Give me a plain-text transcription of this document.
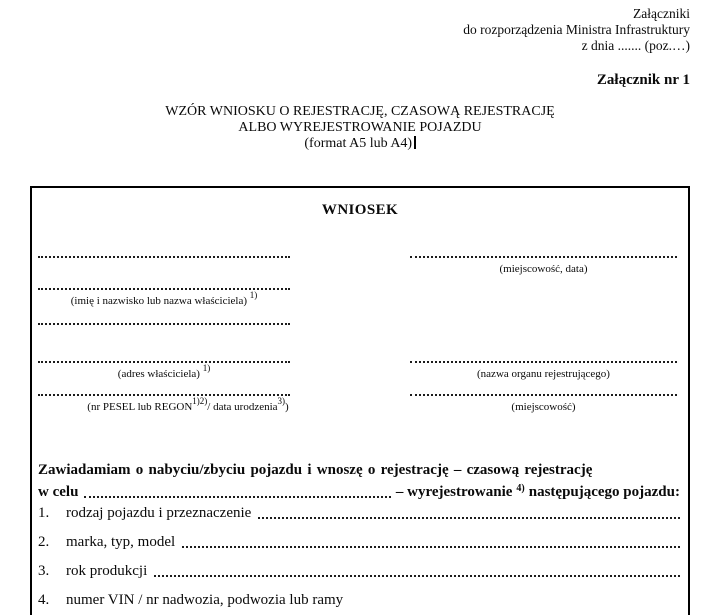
Załączniki
do rozporządzenia Ministra Infrastruktury
z dnia ....... (poz.…)
Załącznik nr 1
WZÓR WNIOSKU O REJESTRACJĘ, CZASOWĄ REJESTRACJĘ
ALBO WYREJESTROWANIE POJAZDU
(format A5 lub A4)
WNIOSEK
(miejscowość, data)
(imię i nazwisko lub nazwa właściciela) $^{1)}$
(adres właściciela) $^{1)}$	(nazwa organu rejestrującego)
(nr PESEL lub REGON$^{1)2)}$/ data urodzenia$^{3)}$)	(miejscowość)
Zawiadamiam o nabyciu/zbyciu pojazdu i wnoszę o rejestrację – czasową rejestrację
w celu	– wyrejestrowanie $^{4)}$ następującego pojazdu:
1.	rodzaj pojazdu i przeznaczenie
2.	marka, typ, model
3.	rok produkcji
4.	numer VIN / nr nadwozia, podwozia lub ramy
